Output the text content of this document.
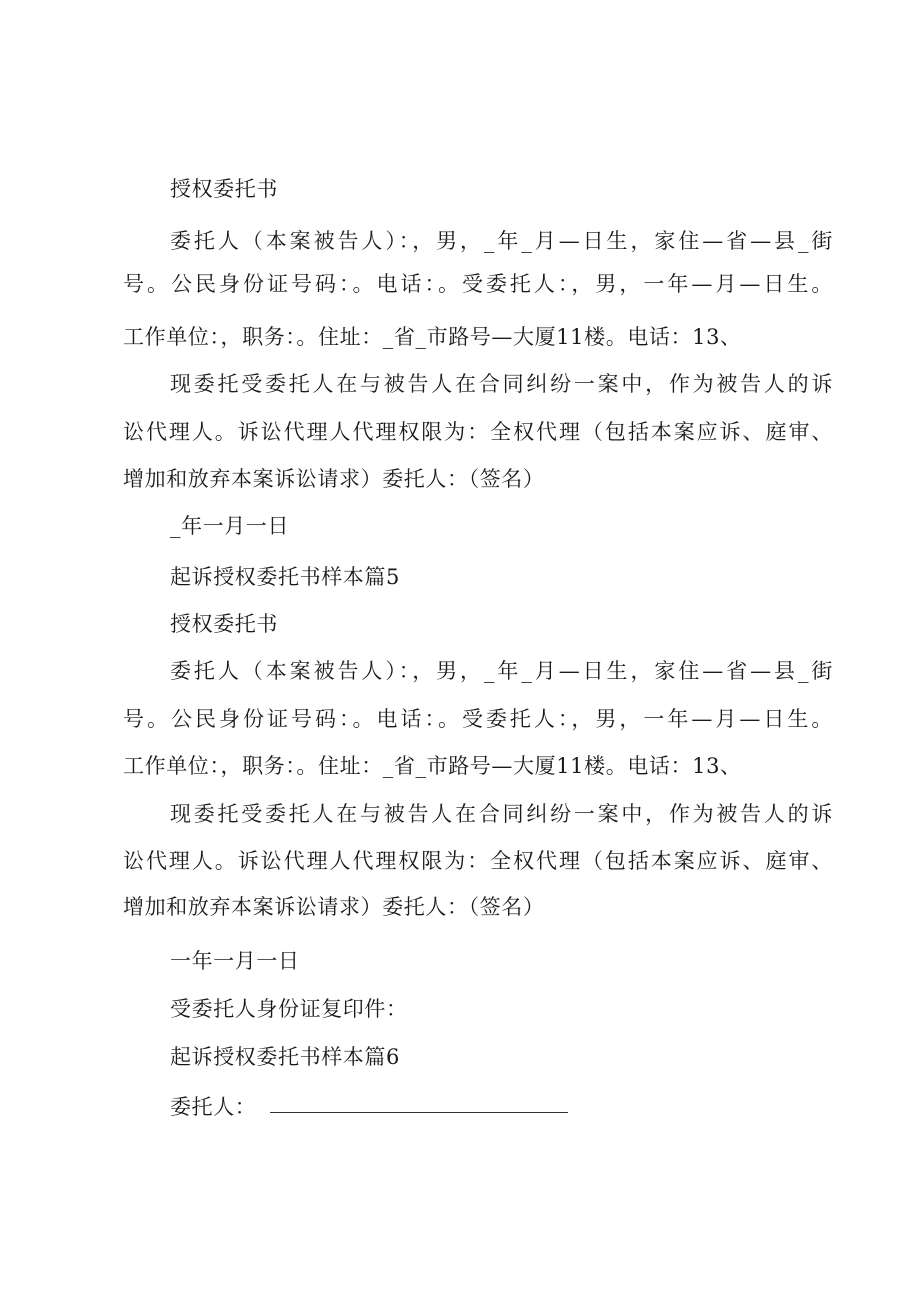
授权委托书
委托人（本案被告人）：，男，_年_月—日生，家住—省—县_街
号。公民身份证号码：。电话：。受委托人：，男，一年—月—日生。
工作单位：，职务：。住址：_省_市路号—大厦11楼。电话：13、
现委托受委托人在与被告人在合同纠纷一案中，作为被告人的诉
讼代理人。诉讼代理人代理权限为：全权代理（包括本案应诉、庭审、
增加和放弃本案诉讼请求）委托人：（签名）
_年一月一日
起诉授权委托书样本篇5
授权委托书
委托人（本案被告人）：，男，_年_月—日生，家住—省—县_街
号。公民身份证号码：。电话：。受委托人：，男，一年—月—日生。
工作单位：，职务：。住址：_省_市路号—大厦11楼。电话：13、
现委托受委托人在与被告人在合同纠纷一案中，作为被告人的诉
讼代理人。诉讼代理人代理权限为：全权代理（包括本案应诉、庭审、
增加和放弃本案诉讼请求）委托人：（签名）
一年一月一日
受委托人身份证复印件：
起诉授权委托书样本篇6
委托人：
